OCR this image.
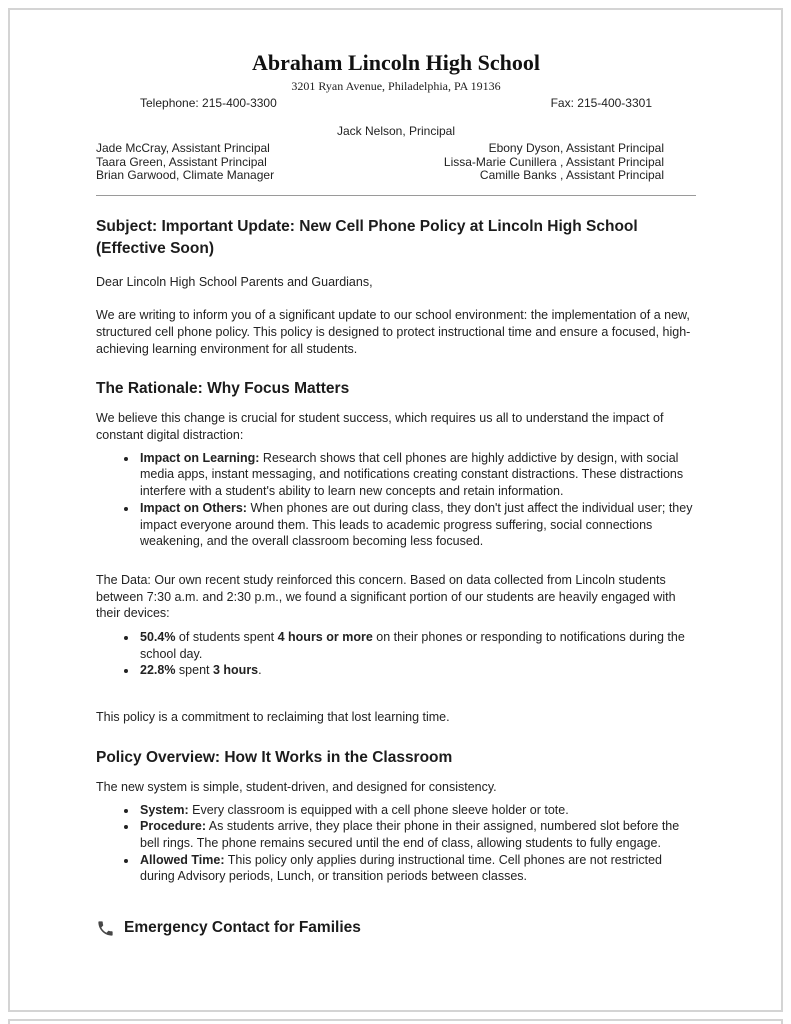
Abraham Lincoln High School
3201 Ryan Avenue, Philadelphia, PA 19136
Telephone: 215-400-3300	Fax: 215-400-3301
Jack Nelson, Principal
Jade McCray, Assistant Principal
Taara Green, Assistant Principal
Brian Garwood, Climate Manager
Ebony Dyson, Assistant Principal
Lissa-Marie Cunillera , Assistant Principal
Camille Banks , Assistant Principal
Subject: Important Update: New Cell Phone Policy at Lincoln High School (Effective Soon)

Dear Lincoln High School Parents and Guardians,

We are writing to inform you of a significant update to our school environment: the implementation of a new, structured cell phone policy. This policy is designed to protect instructional time and ensure a focused, high-achieving learning environment for all students.

The Rationale: Why Focus Matters

We believe this change is crucial for student success, which requires us all to understand the impact of constant digital distraction:

• Impact on Learning: Research shows that cell phones are highly addictive by design, with social media apps, instant messaging, and notifications creating constant distractions. These distractions interfere with a student's ability to learn new concepts and retain information.
• Impact on Others: When phones are out during class, they don't just affect the individual user; they impact everyone around them. This leads to academic progress suffering, social connections weakening, and the overall classroom becoming less focused.

The Data: Our own recent study reinforced this concern. Based on data collected from Lincoln students between 7:30 a.m. and 2:30 p.m., we found a significant portion of our students are heavily engaged with their devices:

• 50.4% of students spent 4 hours or more on their phones or responding to notifications during the school day.
• 22.8% spent 3 hours.

This policy is a commitment to reclaiming that lost learning time.

Policy Overview: How It Works in the Classroom

The new system is simple, student-driven, and designed for consistency.

• System: Every classroom is equipped with a cell phone sleeve holder or tote.
• Procedure: As students arrive, they place their phone in their assigned, numbered slot before the bell rings. The phone remains secured until the end of class, allowing students to fully engage.
• Allowed Time: This policy only applies during instructional time. Cell phones are not restricted during Advisory periods, Lunch, or transition periods between classes.
Emergency Contact for Families
